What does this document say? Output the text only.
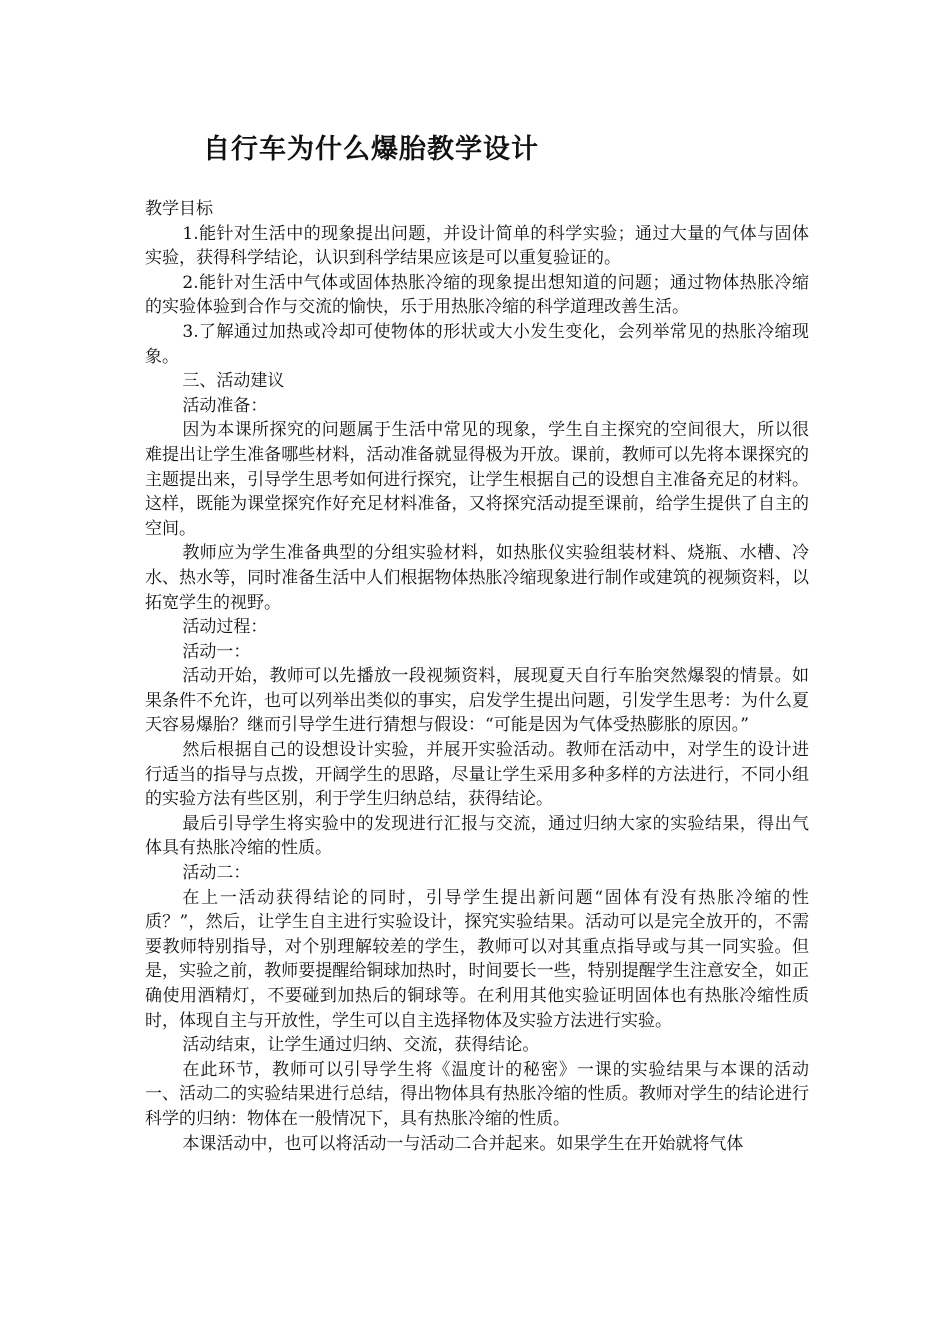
自行车为什么爆胎教学设计

教学目标

1.能针对生活中的现象提出问题，并设计简单的科学实验；通过大量的气体与固体实验，获得科学结论，认识到科学结果应该是可以重复验证的。

2.能针对生活中气体或固体热胀冷缩的现象提出想知道的问题；通过物体热胀冷缩的实验体验到合作与交流的愉快，乐于用热胀冷缩的科学道理改善生活。

3.了解通过加热或冷却可使物体的形状或大小发生变化，会列举常见的热胀冷缩现象。

三、活动建议

活动准备：

因为本课所探究的问题属于生活中常见的现象，学生自主探究的空间很大，所以很难提出让学生准备哪些材料，活动准备就显得极为开放。课前，教师可以先将本课探究的主题提出来，引导学生思考如何进行探究，让学生根据自己的设想自主准备充足的材料。这样，既能为课堂探究作好充足材料准备，又将探究活动提至课前，给学生提供了自主的空间。

教师应为学生准备典型的分组实验材料，如热胀仪实验组装材料、烧瓶、水槽、冷水、热水等，同时准备生活中人们根据物体热胀冷缩现象进行制作或建筑的视频资料，以拓宽学生的视野。

活动过程：

活动一：

活动开始，教师可以先播放一段视频资料，展现夏天自行车胎突然爆裂的情景。如果条件不允许，也可以列举出类似的事实，启发学生提出问题，引发学生思考：为什么夏天容易爆胎？继而引导学生进行猜想与假设：“可能是因为气体受热膨胀的原因。”

然后根据自己的设想设计实验，并展开实验活动。教师在活动中，对学生的设计进行适当的指导与点拨，开阔学生的思路，尽量让学生采用多种多样的方法进行，不同小组的实验方法有些区别，利于学生归纳总结，获得结论。

最后引导学生将实验中的发现进行汇报与交流，通过归纳大家的实验结果，得出气体具有热胀冷缩的性质。

活动二：

在上一活动获得结论的同时，引导学生提出新问题“固体有没有热胀冷缩的性质？”，然后，让学生自主进行实验设计，探究实验结果。活动可以是完全放开的，不需要教师特别指导，对个别理解较差的学生，教师可以对其重点指导或与其一同实验。但是，实验之前，教师要提醒给铜球加热时，时间要长一些，特别提醒学生注意安全，如正确使用酒精灯，不要碰到加热后的铜球等。在利用其他实验证明固体也有热胀冷缩性质时，体现自主与开放性，学生可以自主选择物体及实验方法进行实验。

活动结束，让学生通过归纳、交流，获得结论。

在此环节，教师可以引导学生将《温度计的秘密》一课的实验结果与本课的活动一、活动二的实验结果进行总结，得出物体具有热胀冷缩的性质。教师对学生的结论进行科学的归纳：物体在一般情况下，具有热胀冷缩的性质。

本课活动中，也可以将活动一与活动二合并起来。如果学生在开始就将气体
